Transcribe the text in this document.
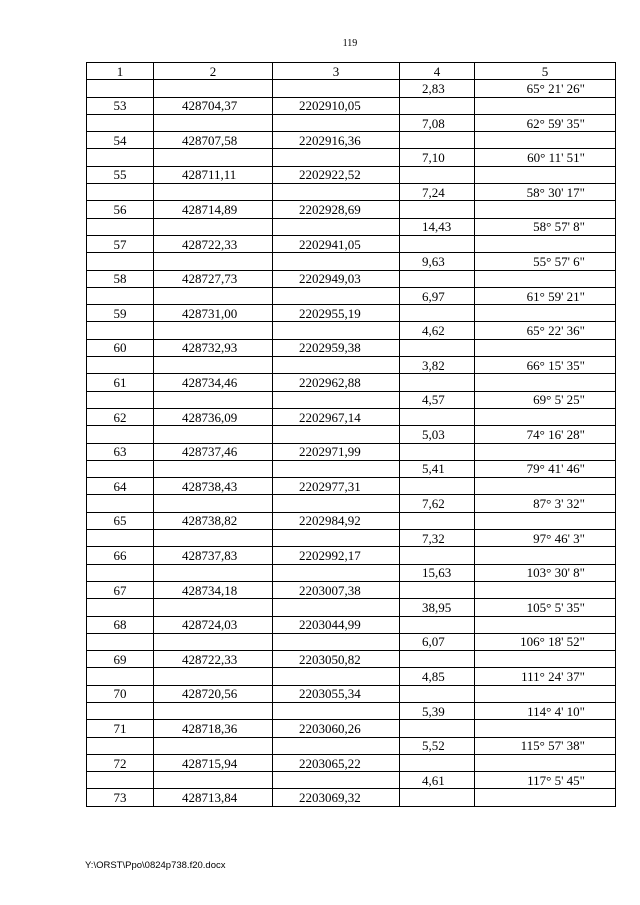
119
1	2	3	4	5
			2,83	65° 21' 26"
53	428704,37	2202910,05		
			7,08	62° 59' 35"
54	428707,58	2202916,36		
			7,10	60° 11' 51"
55	428711,11	2202922,52		
			7,24	58° 30' 17"
56	428714,89	2202928,69		
			14,43	58° 57' 8"
57	428722,33	2202941,05		
			9,63	55° 57' 6"
58	428727,73	2202949,03		
			6,97	61° 59' 21"
59	428731,00	2202955,19		
			4,62	65° 22' 36"
60	428732,93	2202959,38		
			3,82	66° 15' 35"
61	428734,46	2202962,88		
			4,57	69° 5' 25"
62	428736,09	2202967,14		
			5,03	74° 16' 28"
63	428737,46	2202971,99		
			5,41	79° 41' 46"
64	428738,43	2202977,31		
			7,62	87° 3' 32"
65	428738,82	2202984,92		
			7,32	97° 46' 3"
66	428737,83	2202992,17		
			15,63	103° 30' 8"
67	428734,18	2203007,38		
			38,95	105° 5' 35"
68	428724,03	2203044,99		
			6,07	106° 18' 52"
69	428722,33	2203050,82		
			4,85	111° 24' 37"
70	428720,56	2203055,34		
			5,39	114° 4' 10"
71	428718,36	2203060,26		
			5,52	115° 57' 38"
72	428715,94	2203065,22		
			4,61	117° 5' 45"
73	428713,84	2203069,32		
Y:\ORST\Ppo\0824p738.f20.docx
